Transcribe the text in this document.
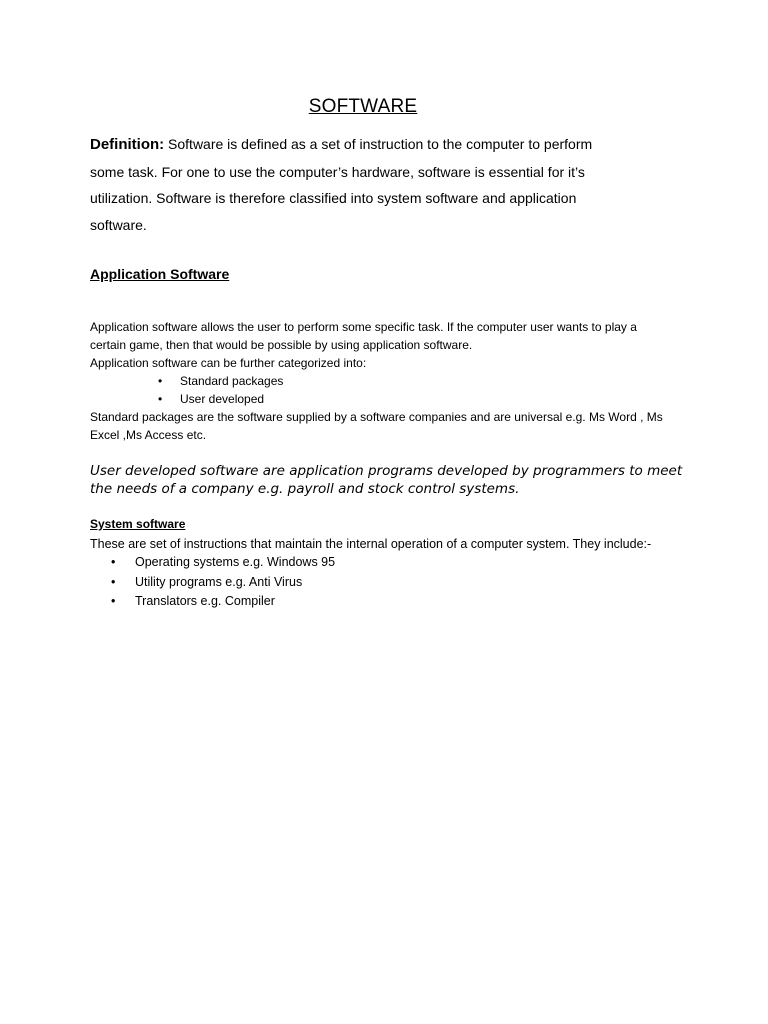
SOFTWARE
Definition: Software is defined as a set of instruction to the computer to perform some task. For one to use the computer’s hardware, software is essential for it’s utilization. Software is therefore classified into system software and application software.
Application Software

Application software allows the user to perform some specific task. If the computer user wants to play a certain game, then that would be possible by using application software.

Application software can be further categorized into:

• Standard packages
• User developed

Standard packages are the software supplied by a software companies and are universal e.g. Ms Word , Ms Excel ,Ms Access etc.

User developed software are application programs developed by programmers to meet the needs of a company e.g. payroll and stock control systems.
System software
These are set of instructions that maintain the internal operation of a computer system. They include:-
• Operating systems e.g. Windows 95
• Utility programs e.g. Anti Virus
• Translators e.g. Compiler
